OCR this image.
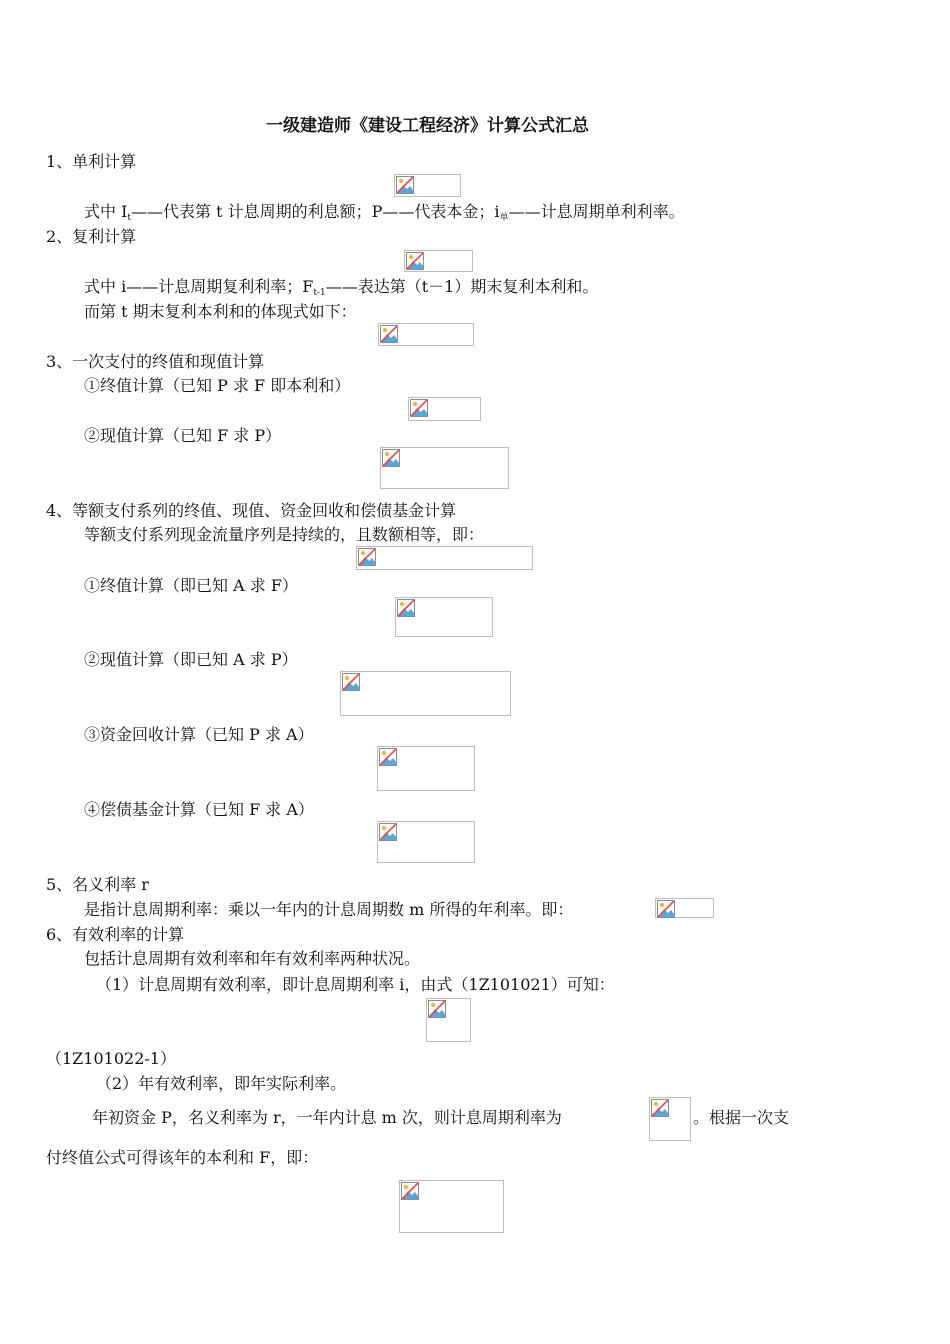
一级建造师《建设工程经济》计算公式汇总
1、单利计算
式中 $I_t——$代表第 t 计息周期的利息额；P——代表本金；$i_单——$计息周期单利利率。
2、复利计算
式中 i——计息周期复利利率；$F_{t-1}——$表达第（t－1）期末复利本利和。
而第 t 期末复利本利和的体现式如下：
3、一次支付的终值和现值计算
①终值计算（已知 P 求 F 即本利和）
②现值计算（已知 F 求 P）
4、等额支付系列的终值、现值、资金回收和偿债基金计算
等额支付系列现金流量序列是持续的，且数额相等，即：
①终值计算（即已知 A 求 F）
②现值计算（即已知 A 求 P）
③资金回收计算（已知 P 求 A）
④偿债基金计算（已知 F 求 A）
5、名义利率 r
是指计息周期利率：乘以一年内的计息周期数 m 所得的年利率。即：
6、有效利率的计算
包括计息周期有效利率和年有效利率两种状况。
（1）计息周期有效利率，即计息周期利率 i，由式（1Z101021）可知：
（1Z101022-1）
（2）年有效利率，即年实际利率。
年初资金 P，名义利率为 r，一年内计息 m 次，则计息周期利率为	。根据一次支
付终值公式可得该年的本利和 F，即：
